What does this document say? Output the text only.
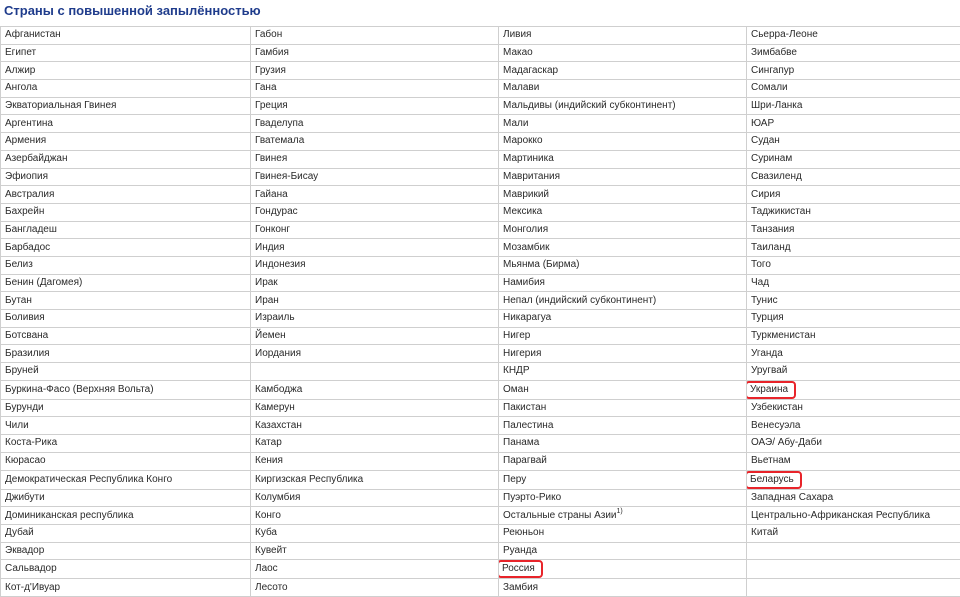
Страны с повышенной запылённостью
Афганистан	Габон	Ливия	Сьерра-Леоне
Египет	Гамбия	Макао	Зимбабве
Алжир	Грузия	Мадагаскар	Сингапур
Ангола	Гана	Малави	Сомали
Экваториальная Гвинея	Греция	Мальдивы (индийский субконтинент)	Шри-Ланка
Аргентина	Гваделупа	Мали	ЮАР
Армения	Гватемала	Марокко	Судан
Азербайджан	Гвинея	Мартиника	Суринам
Эфиопия	Гвинея-Бисау	Мавритания	Свазиленд
Австралия	Гайана	Маврикий	Сирия
Бахрейн	Гондурас	Мексика	Таджикистан
Бангладеш	Гонконг	Монголия	Танзания
Барбадос	Индия	Мозамбик	Таиланд
Белиз	Индонезия	Мьянма (Бирма)	Того
Бенин (Дагомея)	Ирак	Намибия	Чад
Бутан	Иран	Непал (индийский субконтинент)	Тунис
Боливия	Израиль	Никарагуа	Турция
Ботсвана	Йемен	Нигер	Туркменистан
Бразилия	Иордания	Нигерия	Уганда
Бруней		КНДР	Уругвай
Буркина-Фасо (Верхняя Вольта)	Камбоджа	Оман	Украина
Бурунди	Камерун	Пакистан	Узбекистан
Чили	Казахстан	Палестина	Венесуэла
Коста-Рика	Катар	Панама	ОАЭ/ Абу-Даби
Кюрасао	Кения	Парагвай	Вьетнам
Демократическая Республика Конго	Киргизская Республика	Перу	Беларусь
Джибути	Колумбия	Пуэрто-Рико	Западная Сахара
Доминиканская республика	Конго	Остальные страны Азии$^{1)}$	Центрально-Африканская Республика
Дубай	Куба	Реюньон	Китай
Эквадор	Кувейт	Руанда	
Сальвадор	Лаос	Россия	
Кот-д'Ивуар	Лесото	Замбия	
